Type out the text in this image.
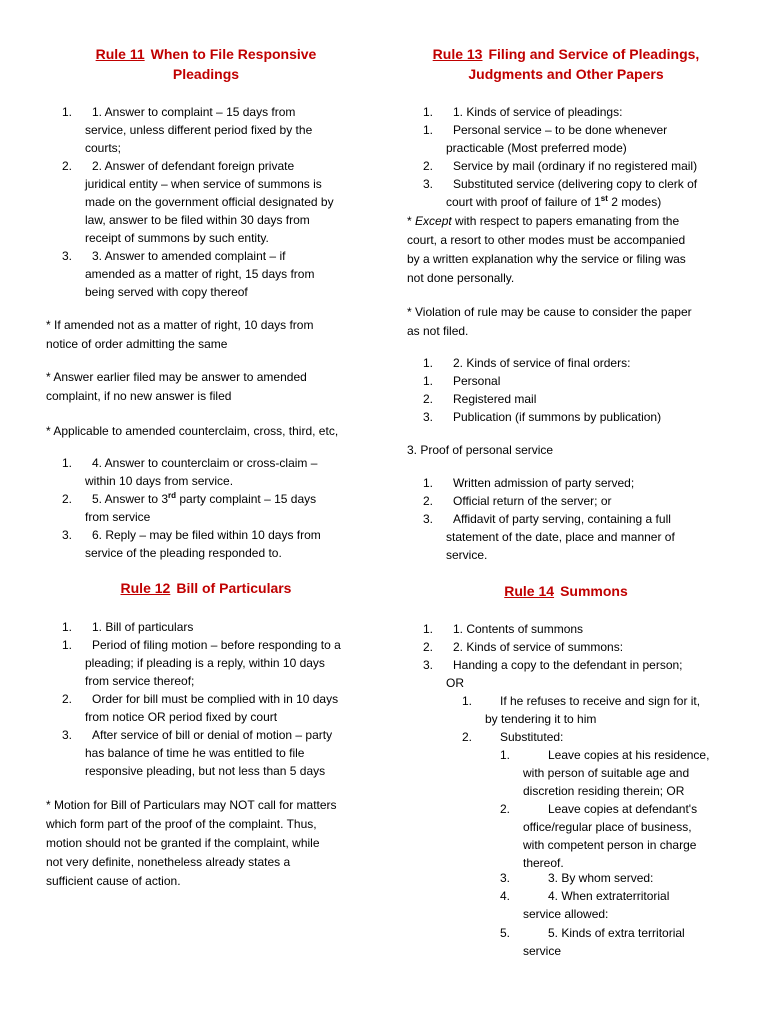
Rule 11 When to File Responsive
Pleadings
1. 1. Answer to complaint – 15 days from
service, unless different period fixed by the
courts;
2. 2. Answer of defendant foreign private
juridical entity – when service of summons is
made on the government official designated by
law, answer to be filed within 30 days from
receipt of summons by such entity.
3. 3. Answer to amended complaint – if
amended as a matter of right, 15 days from
being served with copy thereof
* If amended not as a matter of right, 10 days from
notice of order admitting the same
* Answer earlier filed may be answer to amended
complaint, if no new answer is filed
* Applicable to amended counterclaim, cross, third, etc,
1. 4. Answer to counterclaim or cross-claim –
within 10 days from service.
2. 5. Answer to 3rd party complaint – 15 days
from service
3. 6. Reply – may be filed within 10 days from
service of the pleading responded to.
Rule 12 Bill of Particulars
1. 1. Bill of particulars
1. Period of filing motion – before responding to a
pleading; if pleading is a reply, within 10 days
from service thereof;
2. Order for bill must be complied with in 10 days
from notice OR period fixed by court
3. After service of bill or denial of motion – party
has balance of time he was entitled to file
responsive pleading, but not less than 5 days
* Motion for Bill of Particulars may NOT call for matters
which form part of the proof of the complaint. Thus,
motion should not be granted if the complaint, while
not very definite, nonetheless already states a
sufficient cause of action.
Rule 13 Filing and Service of Pleadings,
Judgments and Other Papers
1. 1. Kinds of service of pleadings:
1. Personal service – to be done whenever
practicable (Most preferred mode)
2. Service by mail (ordinary if no registered mail)
3. Substituted service (delivering copy to clerk of
court with proof of failure of 1st 2 modes)
* Except with respect to papers emanating from the
court, a resort to other modes must be accompanied
by a written explanation why the service or filing was
not done personally.
* Violation of rule may be cause to consider the paper
as not filed.
1. 2. Kinds of service of final orders:
1. Personal
2. Registered mail
3. Publication (if summons by publication)
3. Proof of personal service
1. Written admission of party served;
2. Official return of the server; or
3. Affidavit of party serving, containing a full
statement of the date, place and manner of
service.
Rule 14 Summons
1. 1. Contents of summons
2. 2. Kinds of service of summons:
3. Handing a copy to the defendant in person;
OR
1. If he refuses to receive and sign for it,
by tendering it to him
2. Substituted:
1.	Leave copies at his residence,
with person of suitable age and
discretion residing therein; OR
2.	Leave copies at defendant's
office/regular place of business,
with competent person in charge
thereof.
3.	3. By whom served:
4.	4. When extraterritorial
service allowed:
5.	5. Kinds of extra territorial
service
